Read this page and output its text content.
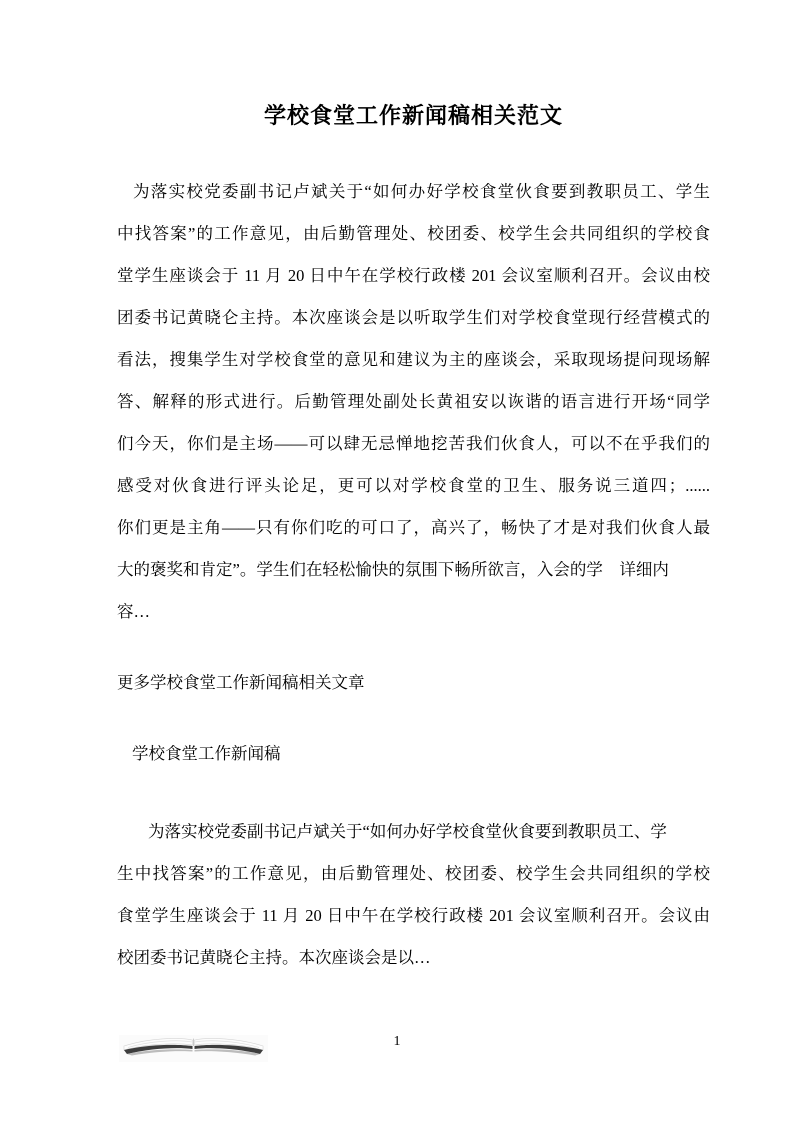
学校食堂工作新闻稿相关范文
为落实校党委副书记卢斌关于“如何办好学校食堂伙食要到教职员工、学生
中找答案”的工作意见，由后勤管理处、校团委、校学生会共同组织的学校食
堂学生座谈会于 11 月 20 日中午在学校行政楼 201 会议室顺利召开。会议由校
团委书记黄晓仑主持。本次座谈会是以听取学生们对学校食堂现行经营模式的
看法，搜集学生对学校食堂的意见和建议为主的座谈会，采取现场提问现场解
答、解释的形式进行。后勤管理处副处长黄祖安以诙谐的语言进行开场“同学
们今天，你们是主场——可以肆无忌惮地挖苦我们伙食人，可以不在乎我们的
感受对伙食进行评头论足，更可以对学校食堂的卫生、服务说三道四；......
你们更是主角——只有你们吃的可口了，高兴了，畅快了才是对我们伙食人最
大的褒奖和肯定”。学生们在轻松愉快的氛围下畅所欲言，入会的学　详细内
容…
更多学校食堂工作新闻稿相关文章
学校食堂工作新闻稿
为落实校党委副书记卢斌关于“如何办好学校食堂伙食要到教职员工、学
生中找答案”的工作意见，由后勤管理处、校团委、校学生会共同组织的学校
食堂学生座谈会于 11 月 20 日中午在学校行政楼 201 会议室顺利召开。会议由
校团委书记黄晓仑主持。本次座谈会是以…
1
